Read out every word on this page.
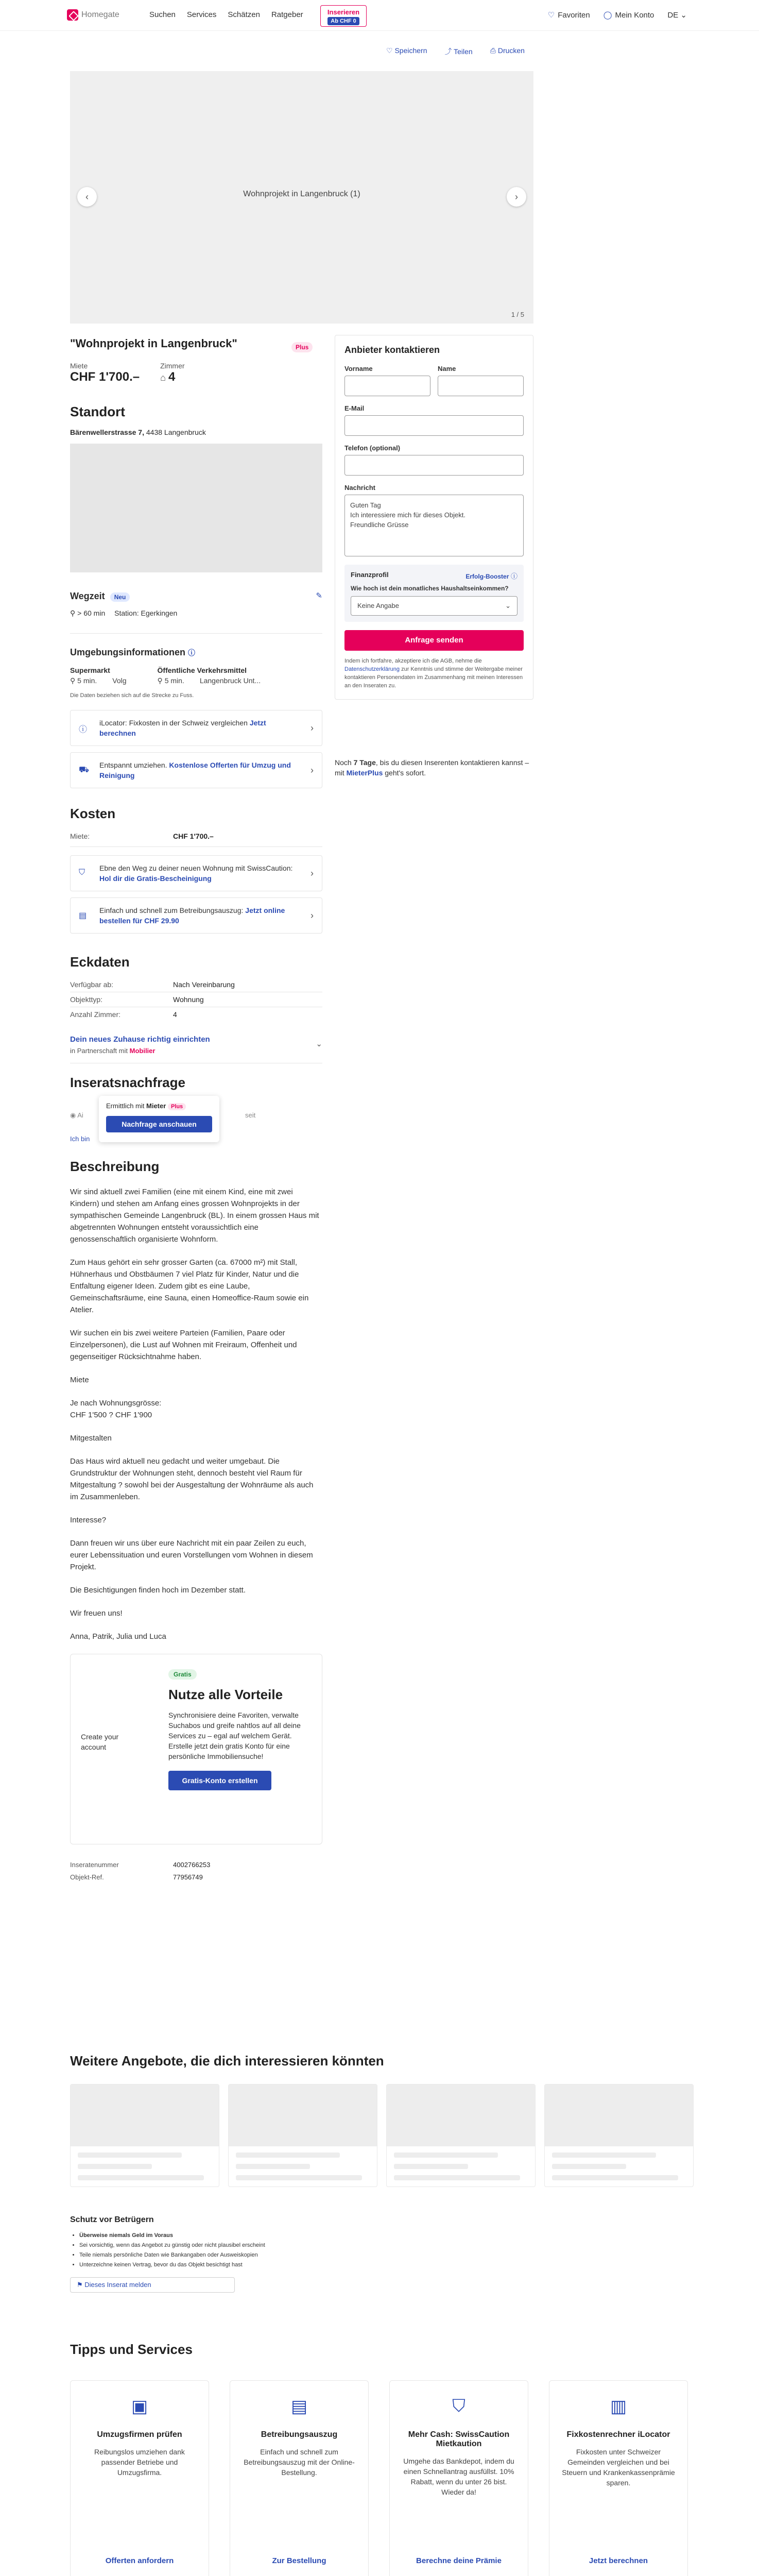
Homegate	Suchen Services Schätzen Ratgeber	Inserieren
Ab CHF 0
♡ Favoriten ◯ Mein Konto DE ⌄
♡ Speichern ⤴ Teilen ⎙ Drucken
Wohnprojekt in Langenbruck (1)
‹	›
1 / 5
"Wohnprojekt in Langenbruck"	Plus
Miete
CHF 1'700.–
Zimmer
⌂ 4
Standort
Bärenwellerstrasse 7, 4438 Langenbruck
Wegzeit Neu	✎
⚲ > 60 min Station: Egerkingen
Umgebungsinformationen ⓘ
Supermarkt
⚲ 5 min. Volg
Öffentliche Verkehrsmittel
⚲ 5 min. Langenbruck Unt...
Die Daten beziehen sich auf die Strecke zu Fuss.
ⓘ
iLocator: Fixkosten in der Schweiz vergleichen Jetzt berechnen	›
⛟
Entspannt umziehen. Kostenlose Offerten für Umzug und Reinigung	›
Kosten
Miete:	CHF 1'700.–
⛉ Ebne den Weg zu deiner neuen Wohnung mit SwissCaution: Hol dir die Gratis-Bescheinigung	›
▤
Einfach und schnell zum Betreibungsauszug: Jetzt online bestellen für CHF 29.90	›
Eckdaten
Verfügbar ab:	Nach Vereinbarung
Objekttyp:	Wohnung
Anzahl Zimmer:	4
Dein neues Zuhause richtig einrichten
in Partnerschaft mit Mobilier
⌄
Inseratsnachfrage
◉ Ai	seit
Ich bin
Ermittlich mit Mieter Plus
Nachfrage anschauen
Beschreibung

Wir sind aktuell zwei Familien (eine mit einem Kind, eine mit zwei Kindern) und stehen am Anfang eines grossen Wohnprojekts in der sympathischen Gemeinde Langenbruck (BL). In einem grossen Haus mit abgetrennten Wohnungen entsteht voraussichtlich eine genossenschaftlich organisierte Wohnform.

Zum Haus gehört ein sehr grosser Garten (ca. 67000 m²) mit Stall, Hühnerhaus und Obstbäumen 7 viel Platz für Kinder, Natur und die Entfaltung eigener Ideen. Zudem gibt es eine Laube, Gemeinschaftsräume, eine Sauna, einen Homeoffice-Raum sowie ein Atelier.

Wir suchen ein bis zwei weitere Parteien (Familien, Paare oder Einzelpersonen), die Lust auf Wohnen mit Freiraum, Offenheit und gegenseitiger Rücksichtnahme haben.

Miete

Je nach Wohnungsgrösse:
CHF 1'500 ? CHF 1'900

Mitgestalten

Das Haus wird aktuell neu gedacht und weiter umgebaut. Die Grundstruktur der Wohnungen steht, dennoch besteht viel Raum für Mitgestaltung ? sowohl bei der Ausgestaltung der Wohnräume als auch im Zusammenleben.

Interesse?

Dann freuen wir uns über eure Nachricht mit ein paar Zeilen zu euch, eurer Lebenssituation und euren Vorstellungen vom Wohnen in diesem Projekt.

Die Besichtigungen finden hoch im Dezember statt.

Wir freuen uns!

Anna, Patrik, Julia und Luca

Create your account
Gratis
Nutze alle Vorteile
Synchronisiere deine Favoriten, verwalte Suchabos und greife nahtlos auf all deine Services zu – egal auf welchem Gerät. Erstelle jetzt dein gratis Konto für eine persönliche Immobiliensuche!
Gratis-Konto erstellen
Inseratenummer	4002766253
Objekt-Ref.	77956749
Anbieter kontaktieren
Vorname	Name
E-Mail
Telefon (optional)
Nachricht
Guten Tag
Ich interessiere mich für dieses Objekt.
Freundliche Grüsse
Finanzprofil	Erfolg-Booster ⓘ
Wie hoch ist dein monatliches Haushaltseinkommen?
Keine Angabe	⌄
Anfrage senden
Indem ich fortfahre, akzeptiere ich die AGB, nehme die Datenschutzerklärung zur Kenntnis und stimme der Weitergabe meiner kontaktieren Personendaten im Zusammenhang mit meinen Interessen an den Inseraten zu.
Noch 7 Tage, bis du diesen Inserenten kontaktieren kannst – mit MieterPlus geht's sofort.
Weitere Angebote, die dich interessieren könnten
Schutz vor Betrügern
• Überweise niemals Geld im Voraus
• Sei vorsichtig, wenn das Angebot zu günstig oder nicht plausibel erscheint
• Teile niemals persönliche Daten wie Bankangaben oder Ausweiskopien
• Unterzeichne keinen Vertrag, bevor du das Objekt besichtigt hast
⚑ Dieses Inserat melden
Tipps und Services
▣
Umzugsfirmen prüfen
Reibungslos umziehen dank passender Betriebe und Umzugsfirma.
Offerten anfordern
▤
Betreibungsauszug
Einfach und schnell zum Betreibungsauszug mit der Online-Bestellung.
Zur Bestellung
⛉
Mehr Cash: SwissCaution Mietkaution
Umgehe das Bankdepot, indem du einen Schnellantrag ausfüllst. 10% Rabatt, wenn du unter 26 bist. Wieder da!
Berechne deine Prämie
▥
Fixkostenrechner iLocator
Fixkosten unter Schweizer Gemeinden vergleichen und bei Steuern und Krankenkassenprämie sparen.
Jetzt berechnen
